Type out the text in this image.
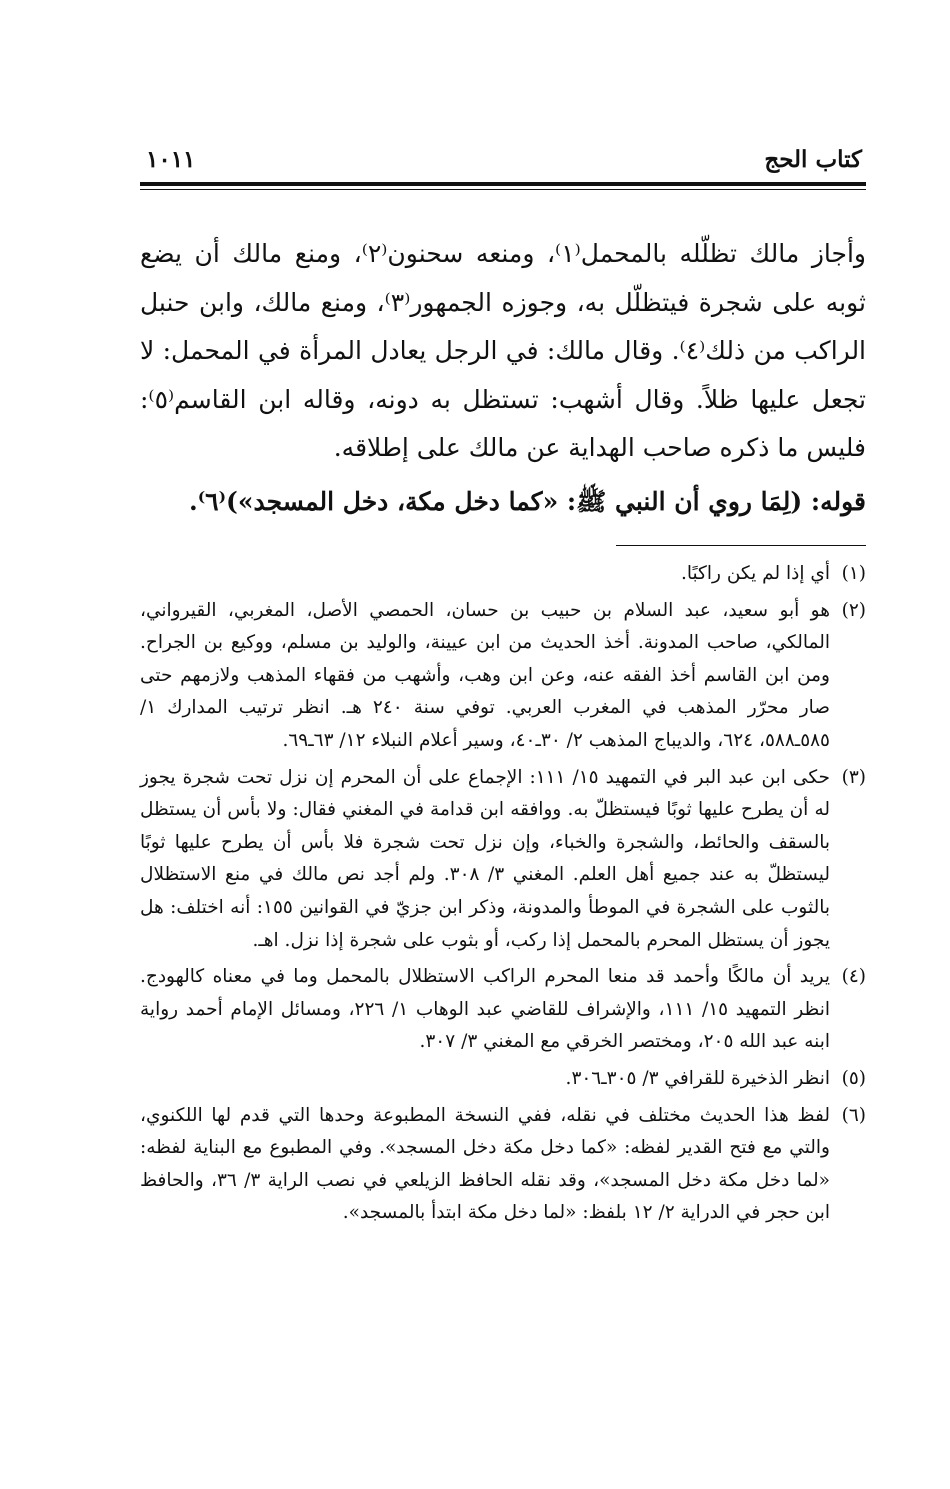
كتاب الحج
١٠١١

وأجاز مالك تظلّله بالمحمل⁽١⁾، ومنعه سحنون⁽٢⁾، ومنع مالك أن يضع ثوبه على شجرة فيتظلّل به، وجوزه الجمهور⁽٣⁾، ومنع مالك، وابن حنبل الراكب من ذلك⁽٤⁾. وقال مالك: في الرجل يعادل المرأة في المحمل: لا تجعل عليها ظلاً. وقال أشهب: تستظل به دونه، وقاله ابن القاسم⁽٥⁾: فليس ما ذكره صاحب الهداية عن مالك على إطلاقه.

قوله: (لِمَا روي أن النبي ﷺ: «كما دخل مكة، دخل المسجد»)⁽٦⁾.
(١)
أي إذا لم يكن راكبًا.
(٢)
هو أبو سعيد، عبد السلام بن حبيب بن حسان، الحمصي الأصل، المغربي، القيرواني، المالكي، صاحب المدونة. أخذ الحديث من ابن عيينة، والوليد بن مسلم، ووكيع بن الجراح. ومن ابن القاسم أخذ الفقه عنه، وعن ابن وهب، وأشهب من فقهاء المذهب ولازمهم حتى صار محرّر المذهب في المغرب العربي. توفي سنة ٢٤٠ هـ. انظر ترتيب المدارك ١/ ٥٨٥ـ٥٨٨، ٦٢٤، والديباج المذهب ٢/ ٣٠ـ٤٠، وسير أعلام النبلاء ١٢/ ٦٣ـ٦٩.
(٣)
حكى ابن عبد البر في التمهيد ١٥/ ١١١: الإجماع على أن المحرم إن نزل تحت شجرة يجوز له أن يطرح عليها ثوبًا فيستظلّ به. ووافقه ابن قدامة في المغني فقال: ولا بأس أن يستظل بالسقف والحائط، والشجرة والخباء، وإن نزل تحت شجرة فلا بأس أن يطرح عليها ثوبًا ليستظلّ به عند جميع أهل العلم. المغني ٣/ ٣٠٨. ولم أجد نص مالك في منع الاستظلال بالثوب على الشجرة في الموطأ والمدونة، وذكر ابن جزيّ في القوانين ١٥٥: أنه اختلف: هل يجوز أن يستظل المحرم بالمحمل إذا ركب، أو بثوب على شجرة إذا نزل. اهـ.
(٤)
يريد أن مالكًا وأحمد قد منعا المحرم الراكب الاستظلال بالمحمل وما في معناه كالهودج. انظر التمهيد ١٥/ ١١١، والإشراف للقاضي عبد الوهاب ١/ ٢٢٦، ومسائل الإمام أحمد رواية ابنه عبد الله ٢٠٥، ومختصر الخرقي مع المغني ٣/ ٣٠٧.
(٥)
انظر الذخيرة للقرافي ٣/ ٣٠٥ـ٣٠٦.
(٦)
لفظ هذا الحديث مختلف في نقله، ففي النسخة المطبوعة وحدها التي قدم لها اللكنوي، والتي مع فتح القدير لفظه: «كما دخل مكة دخل المسجد». وفي المطبوع مع البناية لفظه: «لما دخل مكة دخل المسجد»، وقد نقله الحافظ الزيلعي في نصب الراية ٣/ ٣٦، والحافظ ابن حجر في الدراية ٢/ ١٢ بلفظ: «لما دخل مكة ابتدأ بالمسجد».
